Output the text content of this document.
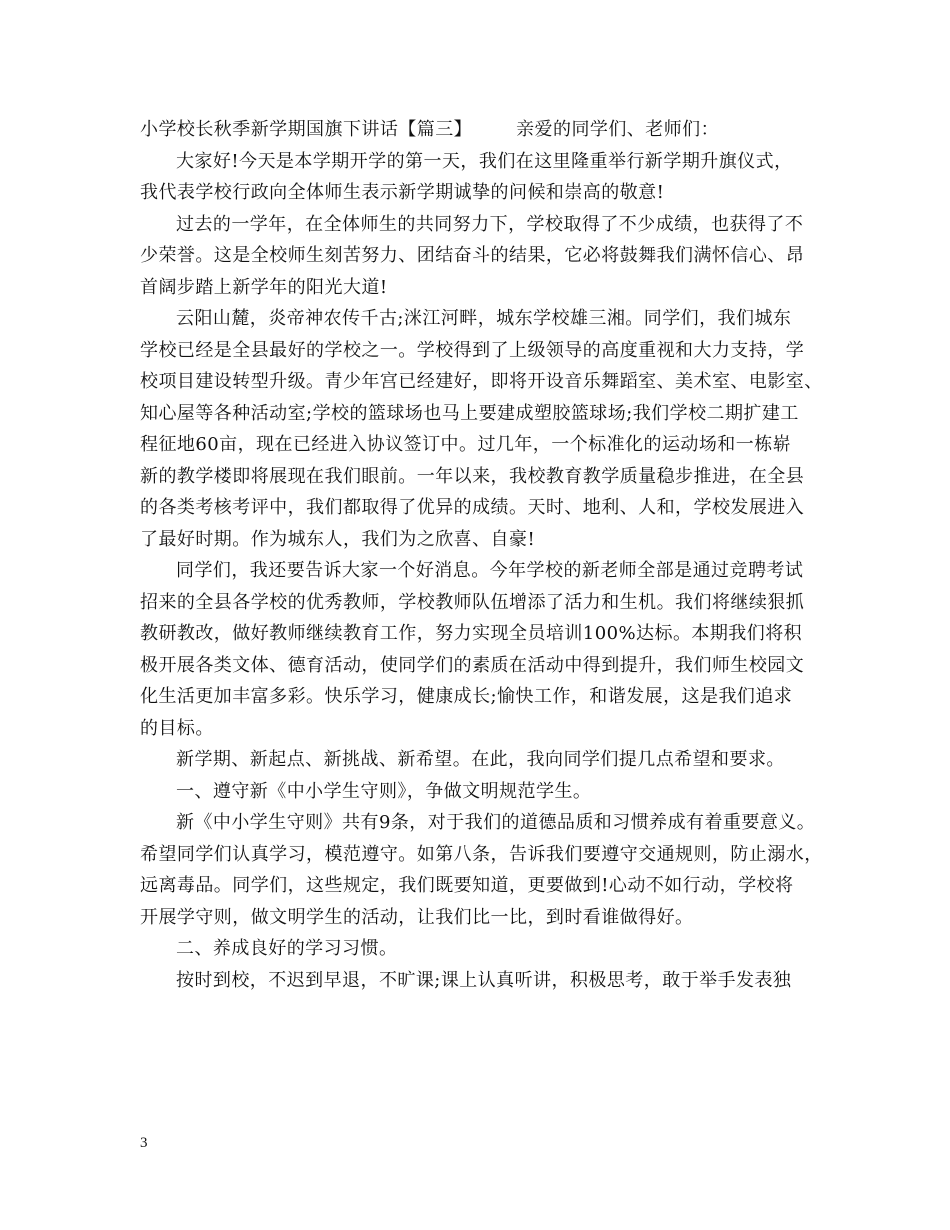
小学校长秋季新学期国旗下讲话【篇三】 亲爱的同学们、老师们：
大家好!今天是本学期开学的第一天，我们在这里隆重举行新学期升旗仪式，
我代表学校行政向全体师生表示新学期诚挚的问候和崇高的敬意!
过去的一学年，在全体师生的共同努力下，学校取得了不少成绩，也获得了不
少荣誉。这是全校师生刻苦努力、团结奋斗的结果，它必将鼓舞我们满怀信心、昂
首阔步踏上新学年的阳光大道!
云阳山麓，炎帝神农传千古;洣江河畔，城东学校雄三湘。同学们，我们城东
学校已经是全县最好的学校之一。学校得到了上级领导的高度重视和大力支持，学
校项目建设转型升级。青少年宫已经建好，即将开设音乐舞蹈室、美术室、电影室、
知心屋等各种活动室;学校的篮球场也马上要建成塑胶篮球场;我们学校二期扩建工
程征地60亩，现在已经进入协议签订中。过几年，一个标准化的运动场和一栋崭
新的教学楼即将展现在我们眼前。一年以来，我校教育教学质量稳步推进，在全县
的各类考核考评中，我们都取得了优异的成绩。天时、地利、人和，学校发展进入
了最好时期。作为城东人，我们为之欣喜、自豪!
同学们，我还要告诉大家一个好消息。今年学校的新老师全部是通过竞聘考试
招来的全县各学校的优秀教师，学校教师队伍增添了活力和生机。我们将继续狠抓
教研教改，做好教师继续教育工作，努力实现全员培训100%达标。本期我们将积
极开展各类文体、德育活动，使同学们的素质在活动中得到提升，我们师生校园文
化生活更加丰富多彩。快乐学习，健康成长;愉快工作，和谐发展，这是我们追求
的目标。
新学期、新起点、新挑战、新希望。在此，我向同学们提几点希望和要求。
一、遵守新《中小学生守则》，争做文明规范学生。
新《中小学生守则》共有9条，对于我们的道德品质和习惯养成有着重要意义。
希望同学们认真学习，模范遵守。如第八条，告诉我们要遵守交通规则，防止溺水，
远离毒品。同学们，这些规定，我们既要知道，更要做到!心动不如行动，学校将
开展学守则，做文明学生的活动，让我们比一比，到时看谁做得好。
二、养成良好的学习习惯。
按时到校，不迟到早退，不旷课;课上认真听讲，积极思考，敢于举手发表独
3
